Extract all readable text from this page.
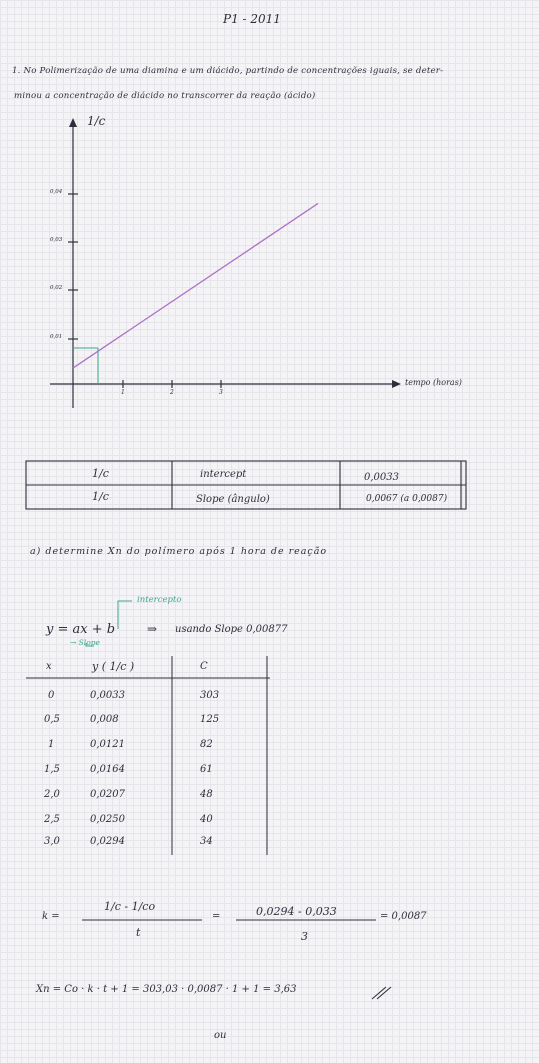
P1 - 2011
1. No Polimerização de uma diamina e um diácido, partindo de concentrações iguais, se deter-
minou a concentração de diácido no transcorrer da reação (ácido)
1/c
tempo (horas)
0,04
0,03
0,02
0,01
1	2	3
1/c	intercept	0,0033
1/c	Slope (ângulo)	0,0067 (a 0,0087)
a) determine Xn do polímero após 1 hora de reação
intercepto
y = ax + b	⇒
→ Slope
usando Slope 0,00877
x	y ( 1/c )	C
0	0,0033	303
0,5	0,008	125
1	0,0121	82
1,5	0,0164	61
2,0	0,0207	48
2,5	0,0250	40
3,0	0,0294	34
k =
1/c - 1/co
t
=	0,0294 - 0,033
3
= 0,0087
Xn = Co · k · t + 1 = 303,03 · 0,0087 · 1 + 1 = 3,63
ou
